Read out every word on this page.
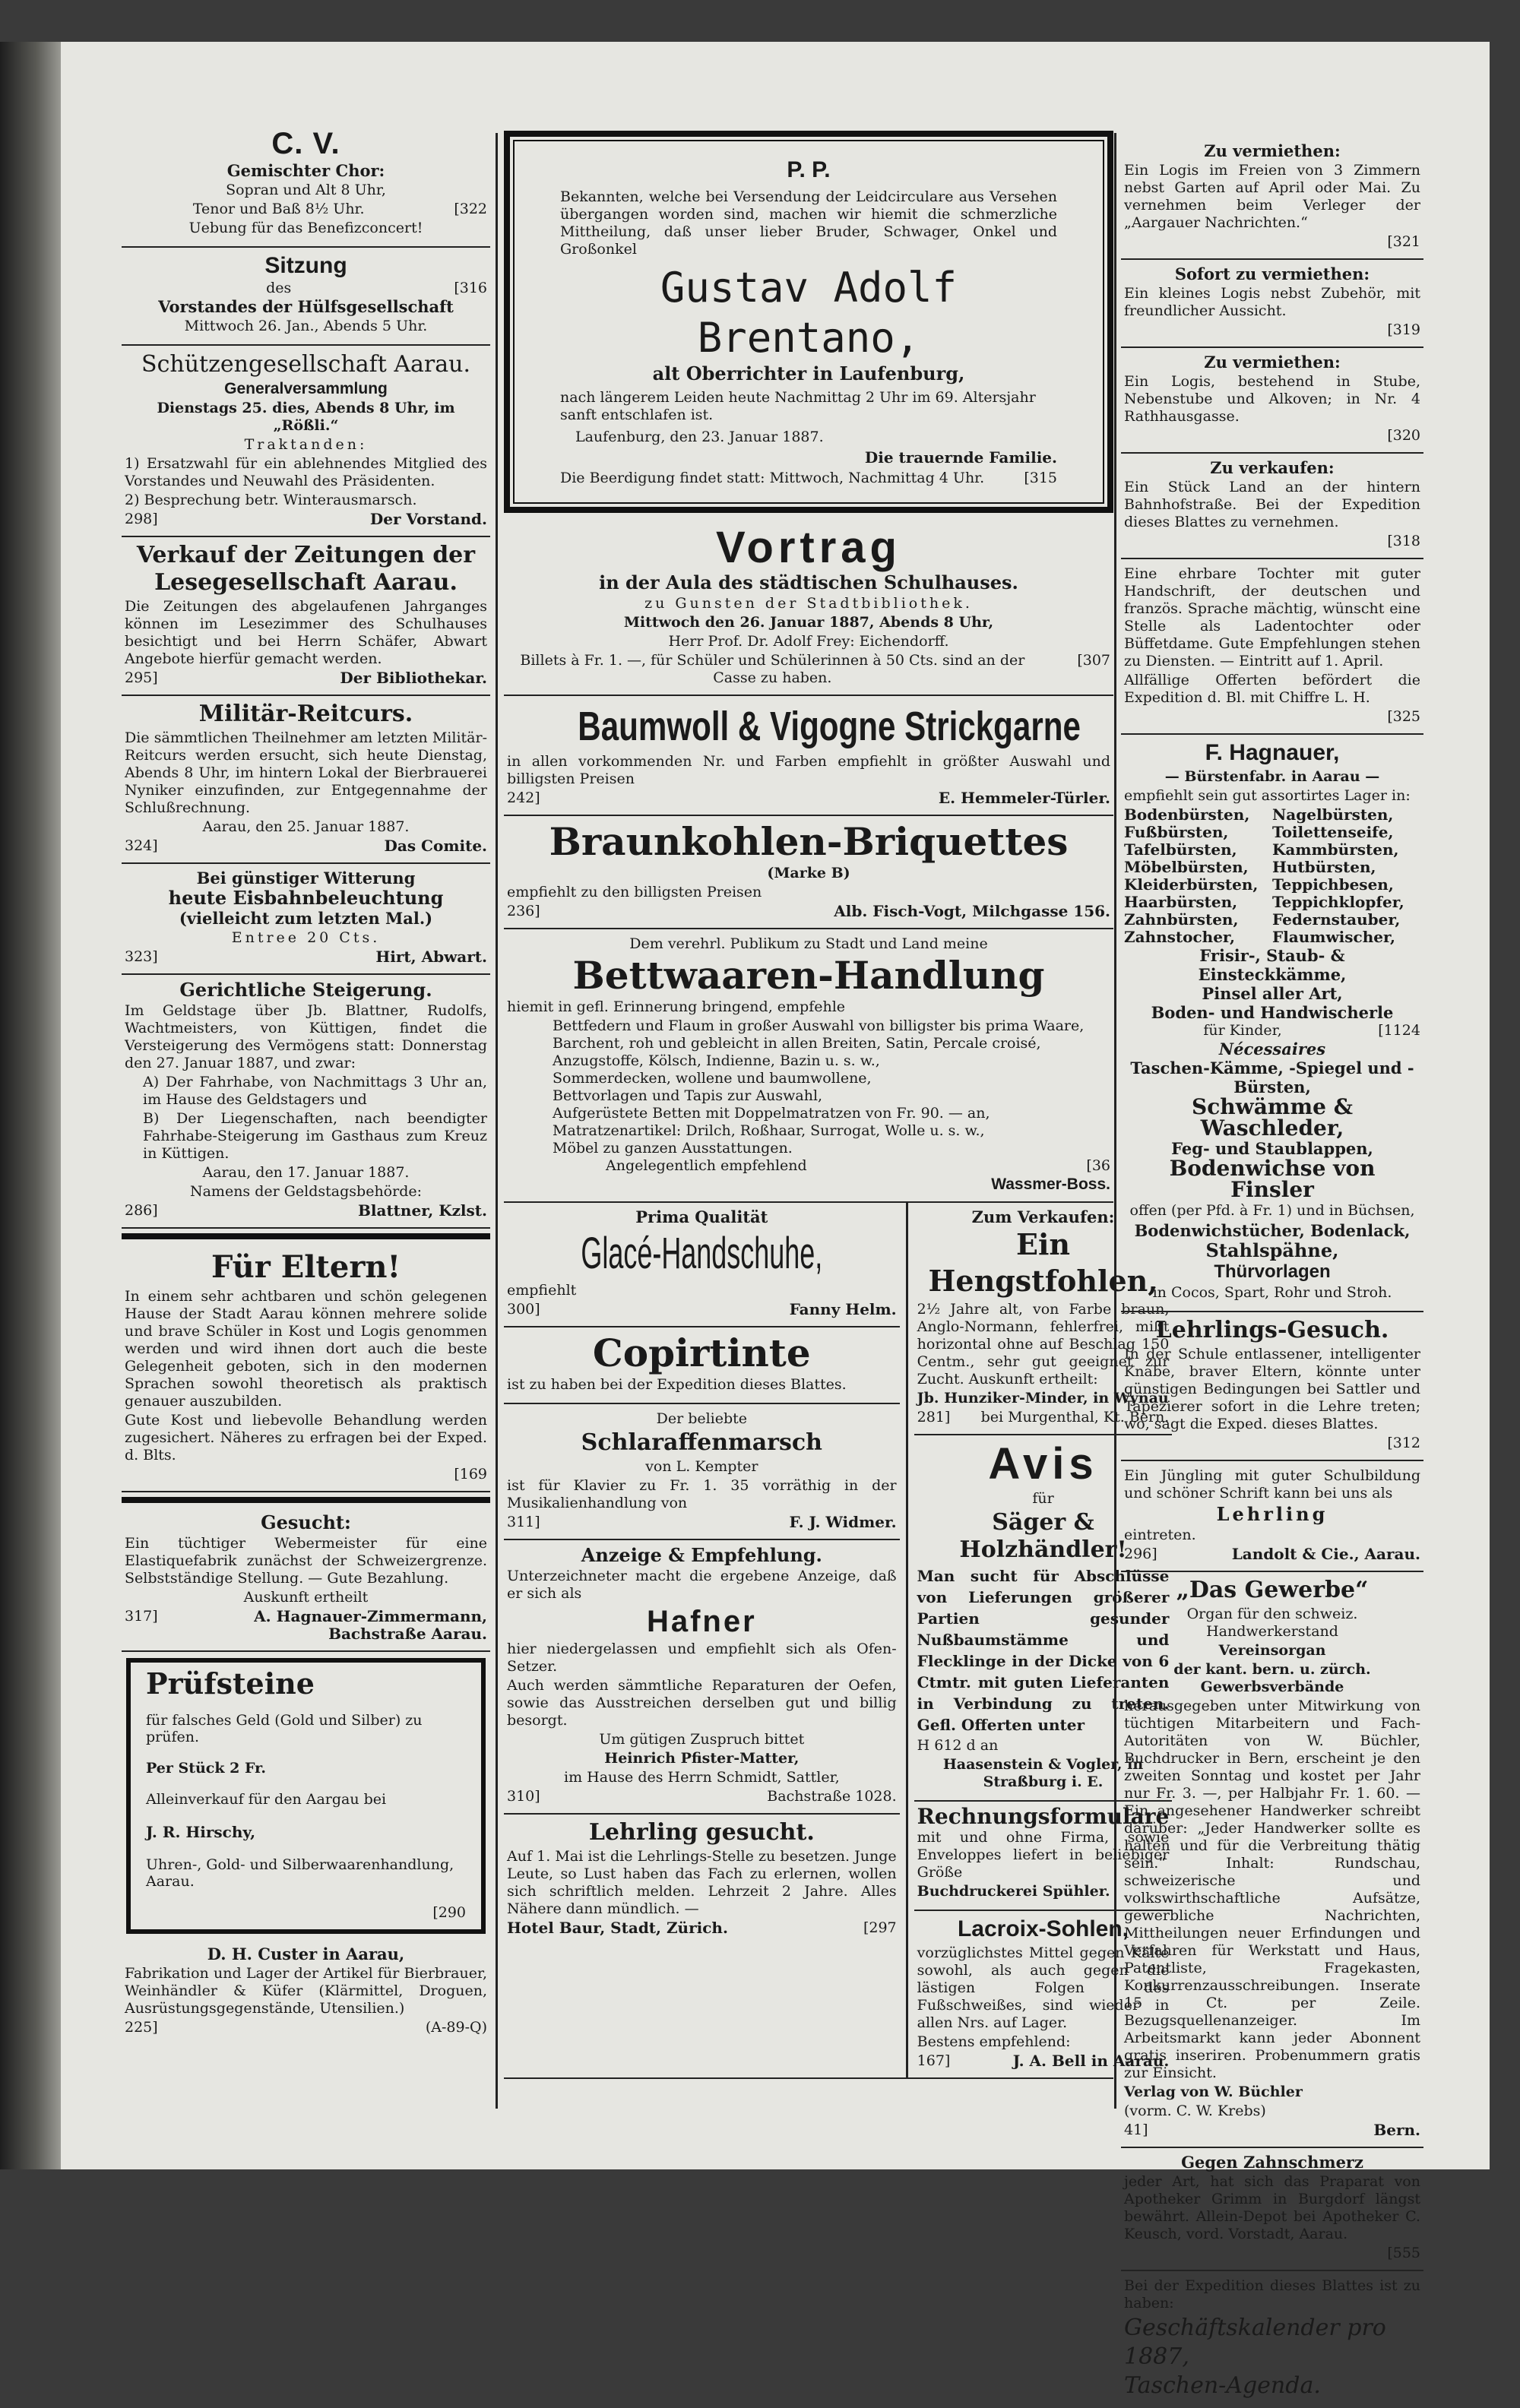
C. V.
Gemischter Chor:

Sopran und Alt 8 Uhr,

Tenor und Baß 8½ Uhr.	[322

Uebung für das Benefizconcert!

Sitzung
des	[316
Vorstandes der Hülfsgesellschaft

Mittwoch 26. Jan., Abends 5 Uhr.

Schützengesellschaft Aarau.
Generalversammlung

Dienstags 25. dies, Abends 8 Uhr, im „Rößli.“

Traktanden:

1) Ersatzwahl für ein ablehnendes Mitglied des Vorstandes und Neuwahl des Präsidenten.

2) Besprechung betr. Winterausmarsch.

298]	Der Vorstand.
Verkauf der Zeitungen der Lesegesellschaft Aarau.

Die Zeitungen des abgelaufenen Jahrganges können im Lesezimmer des Schulhauses besichtigt und bei Herrn Schäfer, Abwart Angebote hierfür gemacht werden.

295]	Der Bibliothekar.
Militär-Reitcurs.

Die sämmtlichen Theilnehmer am letzten Militär-Reitcurs werden ersucht, sich heute Dienstag, Abends 8 Uhr, im hintern Lokal der Bierbrauerei Nyniker einzufinden, zur Entgegennahme der Schlußrechnung.

Aarau, den 25. Januar 1887.

324]	Das Comite.
Bei günstiger Witterung
heute Eisbahnbeleuchtung
(vielleicht zum letzten Mal.)

Entree 20 Cts.

323]	Hirt, Abwart.
Gerichtliche Steigerung.

Im Geldstage über Jb. Blattner, Rudolfs, Wachtmeisters, von Küttigen, findet die Versteigerung des Vermögens statt: Donnerstag den 27. Januar 1887, und zwar:

A) Der Fahrhabe, von Nachmittags 3 Uhr an, im Hause des Geldstagers und

B) Der Liegenschaften, nach beendigter Fahrhabe-Steigerung im Gasthaus zum Kreuz in Küttigen.

Aarau, den 17. Januar 1887.

Namens der Geldstagsbehörde:

286]	Blattner, Kzlst.
Für Eltern!

In einem sehr achtbaren und schön gelegenen Hause der Stadt Aarau können mehrere solide und brave Schüler in Kost und Logis genommen werden und wird ihnen dort auch die beste Gelegenheit geboten, sich in den modernen Sprachen sowohl theoretisch als praktisch genauer auszubilden.

Gute Kost und liebevolle Behandlung werden zugesichert. Näheres zu erfragen bei der Exped. d. Blts.

[169
Gesucht:

Ein tüchtiger Webermeister für eine Elastiquefabrik zunächst der Schweizergrenze. Selbstständige Stellung. — Gute Bezahlung.

Auskunft ertheilt

317]	A. Hagnauer-Zimmermann, Bachstraße Aarau.
Prüfsteine

für falsches Geld (Gold und Silber) zu prüfen.

Per Stück 2 Fr.

Alleinverkauf für den Aargau bei

J. R. Hirschy,

Uhren-, Gold- und Silberwaarenhandlung, Aarau.

[290
D. H. Custer in Aarau,

Fabrikation und Lager der Artikel für Bierbrauer, Weinhändler & Küfer (Klärmittel, Droguen, Ausrüstungsgegenstände, Utensilien.)

225]	(A-89-Q)
P. P.

Bekannten, welche bei Versendung der Leidcirculare aus Versehen übergangen worden sind, machen wir hiemit die schmerzliche Mittheilung, daß unser lieber Bruder, Schwager, Onkel und Großonkel

Gustav Adolf Brentano,
alt Oberrichter in Laufenburg,

nach längerem Leiden heute Nachmittag 2 Uhr im 69. Altersjahr sanft entschlafen ist.

Laufenburg, den 23. Januar 1887.

Die trauernde Familie.

Die Beerdigung findet statt: Mittwoch, Nachmittag 4 Uhr.	[315
Vortrag
in der Aula des städtischen Schulhauses.

zu Gunsten der Stadtbibliothek.

Mittwoch den 26. Januar 1887, Abends 8 Uhr,

Herr Prof. Dr. Adolf Frey: Eichendorff.

Billets à Fr. 1. —, für Schüler und Schülerinnen à 50 Cts. sind an der Casse zu haben.
[307
Baumwoll & Vigogne Strickgarne

in allen vorkommenden Nr. und Farben empfiehlt in größter Auswahl und billigsten Preisen

242]	E. Hemmeler-Türler.
Braunkohlen-Briquettes

(Marke B)

empfiehlt zu den billigsten Preisen

236]	Alb. Fisch-Vogt, Milchgasse 156.

Dem verehrl. Publikum zu Stadt und Land meine

Bettwaaren-Handlung

hiemit in gefl. Erinnerung bringend, empfehle

Bettfedern und Flaum in großer Auswahl von billigster bis prima Waare,
Barchent, roh und gebleicht in allen Breiten, Satin, Percale croisé,
Anzugstoffe, Kölsch, Indienne, Bazin u. s. w.,
Sommerdecken, wollene und baumwollene,
Bettvorlagen und Tapis zur Auswahl,
Aufgerüstete Betten mit Doppelmatratzen von Fr. 90. — an,
Matratzenartikel: Drilch, Roßhaar, Surrogat, Wolle u. s. w.,
Möbel zu ganzen Ausstattungen.
Angelegentlich empfehlend	[36
Wassmer-Boss.
Prima Qualität
Glacé-Handschuhe,

empfiehlt

300]	Fanny Helm.
Copirtinte

ist zu haben bei der Expedition dieses Blattes.

Der beliebte

Schlaraffenmarsch

von L. Kempter

ist für Klavier zu Fr. 1. 35 vorräthig in der Musikalienhandlung von

311]	F. J. Widmer.
Anzeige & Empfehlung.

Unterzeichneter macht die ergebene Anzeige, daß er sich als

Hafner

hier niedergelassen und empfiehlt sich als Ofen-Setzer.

Auch werden sämmtliche Reparaturen der Oefen, sowie das Ausstreichen derselben gut und billig besorgt.

Um gütigen Zuspruch bittet

Heinrich Pfister-Matter,

im Hause des Herrn Schmidt, Sattler,

310]	Bachstraße 1028.
Lehrling gesucht.

Auf 1. Mai ist die Lehrlings-Stelle zu besetzen. Junge Leute, so Lust haben das Fach zu erlernen, wollen sich schriftlich melden. Lehrzeit 2 Jahre. Alles Nähere dann mündlich. —

Hotel Baur, Stadt, Zürich.	[297
Zum Verkaufen:
Ein Hengstfohlen,

2½ Jahre alt, von Farbe braun, Anglo-Normann, fehlerfrei, mißt horizontal ohne auf Beschlag 150 Centm., sehr gut geeignet zur Zucht. Auskunft ertheilt:

Jb. Hunziker-Minder, in Wynau

281] bei Murgenthal, Kt. Bern.
Avis

für

Säger & Holzhändler!

Man sucht für Abschlüsse von Lieferungen größerer Partien gesunder Nußbaumstämme und Flecklinge in der Dicke von 6 Ctmtr. mit guten Lieferanten in Verbindung zu treten. Gefl. Offerten unter

H 612 d an

Haasenstein & Vogler, in Straßburg i. E.

Rechnungsformulare

mit und ohne Firma, sowie Enveloppes liefert in beliebiger Größe

Buchdruckerei Spühler.

Lacroix-Sohlen,

vorzüglichstes Mittel gegen Kälte sowohl, als auch gegen die lästigen Folgen des Fußschweißes, sind wieder in allen Nrs. auf Lager.

Bestens empfehlend:

167]	J. A. Bell in Aarau.
Zu vermiethen:

Ein Logis im Freien von 3 Zimmern nebst Garten auf April oder Mai. Zu vernehmen beim Verleger der „Aargauer Nachrichten.“

[321
Sofort zu vermiethen:

Ein kleines Logis nebst Zubehör, mit freundlicher Aussicht.

[319
Zu vermiethen:

Ein Logis, bestehend in Stube, Nebenstube und Alkoven; in Nr. 4 Rathhausgasse.

[320
Zu verkaufen:

Ein Stück Land an der hintern Bahnhofstraße. Bei der Expedition dieses Blattes zu vernehmen.

[318

Eine ehrbare Tochter mit guter Handschrift, der deutschen und französ. Sprache mächtig, wünscht eine Stelle als Ladentochter oder Büffetdame. Gute Empfehlungen stehen zu Diensten. — Eintritt auf 1. April.

Allfällige Offerten befördert die Expedition d. Bl. mit Chiffre L. H.

[325
F. Hagnauer,

— Bürstenfabr. in Aarau —

empfiehlt sein gut assortirtes Lager in:

Bodenbürsten,	Nagelbürsten,
Fußbürsten,	Toilettenseife,
Tafelbürsten,	Kammbürsten,
Möbelbürsten,	Hutbürsten,
Kleiderbürsten, Teppichbesen,
Haarbürsten,	Teppichklopfer,
Zahnbürsten,	Federnstauber,
Zahnstocher,	Flaumwischer,
Frisir-, Staub- & Einsteckkämme,
Pinsel aller Art,
Boden- und Handwischerle
für Kinder,	[1124
Nécessaires
Taschen-Kämme, -Spiegel und -Bürsten,
Schwämme & Waschleder,
Feg- und Staublappen,
Bodenwichse von Finsler

offen (per Pfd. à Fr. 1) und in Büchsen,

Bodenwichstücher, Bodenlack,
Stahlspähne,
Thürvorlagen

in Cocos, Spart, Rohr und Stroh.

Lehrlings-Gesuch.

In der Schule entlassener, intelligenter Knabe, braver Eltern, könnte unter günstigen Bedingungen bei Sattler und Tapezierer sofort in die Lehre treten; wo, sagt die Exped. dieses Blattes.

[312

Ein Jüngling mit guter Schulbildung und schöner Schrift kann bei uns als

Lehrling

eintreten.

296]	Landolt & Cie., Aarau.
„Das Gewerbe“

Organ für den schweiz. Handwerkerstand

Vereinsorgan

der kant. bern. u. zürch. Gewerbsverbände

herausgegeben unter Mitwirkung von tüchtigen Mitarbeitern und Fach-Autoritäten von W. Büchler, Buchdrucker in Bern, erscheint je den zweiten Sonntag und kostet per Jahr nur Fr. 3. —, per Halbjahr Fr. 1. 60. — Ein angesehener Handwerker schreibt darüber: „Jeder Handwerker sollte es halten und für die Verbreitung thätig sein.“ Inhalt: Rundschau, schweizerische und volkswirthschaftliche Aufsätze, gewerbliche Nachrichten, Mittheilungen neuer Erfindungen und Verfahren für Werkstatt und Haus, Patentliste, Fragekasten, Konkurrenzausschreibungen. Inserate 15 Ct. per Zeile. Bezugsquellenanzeiger. Im Arbeitsmarkt kann jeder Abonnent gratis inseriren. Probenummern gratis zur Einsicht.

Verlag von W. Büchler

(vorm. C. W. Krebs)

41]	Bern.
Gegen Zahnschmerz

jeder Art, hat sich das Praparat von Apotheker Grimm in Burgdorf längst bewährt. Allein-Depot bei Apotheker C. Keusch, vord. Vorstadt, Aarau.

[555

Bei der Expedition dieses Blattes ist zu haben:

Geschäftskalender pro 1887,
Taschen-Agenda.
